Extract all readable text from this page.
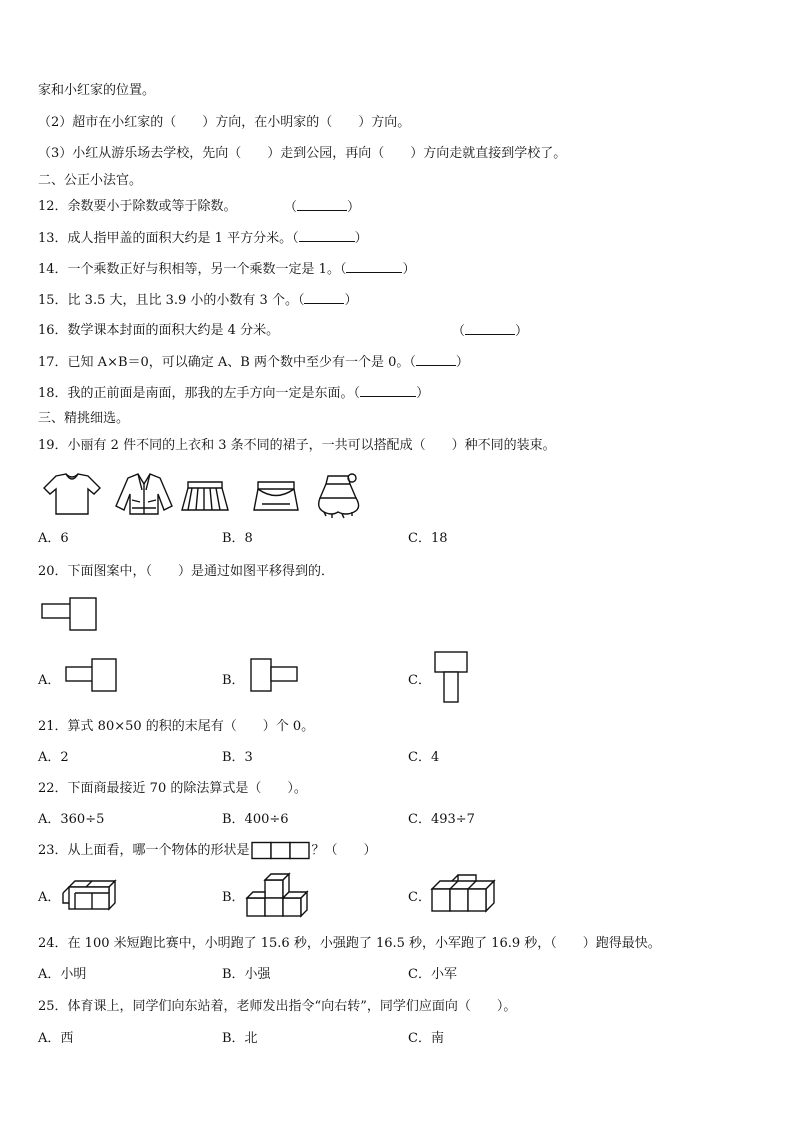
家和小红家的位置。
（2）超市在小红家的（　　）方向，在小明家的（　　）方向。
（3）小红从游乐场去学校，先向（　　）走到公园，再向（　　）方向走就直接到学校了。
二、公正小法官。
12．余数要小于除数或等于除数。	（	）
13．成人指甲盖的面积大约是 1 平方分米。（	）
14．一个乘数正好与积相等，另一个乘数一定是 1。（	）
15．比 3.5 大，且比 3.9 小的小数有 3 个。（	）
16．数学课本封面的面积大约是 4 分米。	（	）
17．已知 A×B＝0，可以确定 A、B 两个数中至少有一个是 0。（	）
18．我的正前面是南面，那我的左手方向一定是东面。（	）
三、精挑细选。
19．小丽有 2 件不同的上衣和 3 条不同的裙子，一共可以搭配成（　　）种不同的装束。
A．6	B．8	C．18
20．下面图案中，（　　）是通过如图平移得到的．
A．	B．	C．
21．算式 80×50 的积的末尾有（　　）个 0。
A．2	B．3	C．4
22．下面商最接近 70 的除法算式是（　　）。
A．360÷5	B．400÷6	C．493÷7
23．从上面看，哪一个物体的形状是	？（　　）
A．	B．	C．
24．在 100 米短跑比赛中，小明跑了 15.6 秒，小强跑了 16.5 秒，小军跑了 16.9 秒，（　　）跑得最快。
A．小明	B．小强	C．小军
25．体育课上，同学们向东站着，老师发出指令“向右转”，同学们应面向（　　）。
A．西	B．北	C．南
